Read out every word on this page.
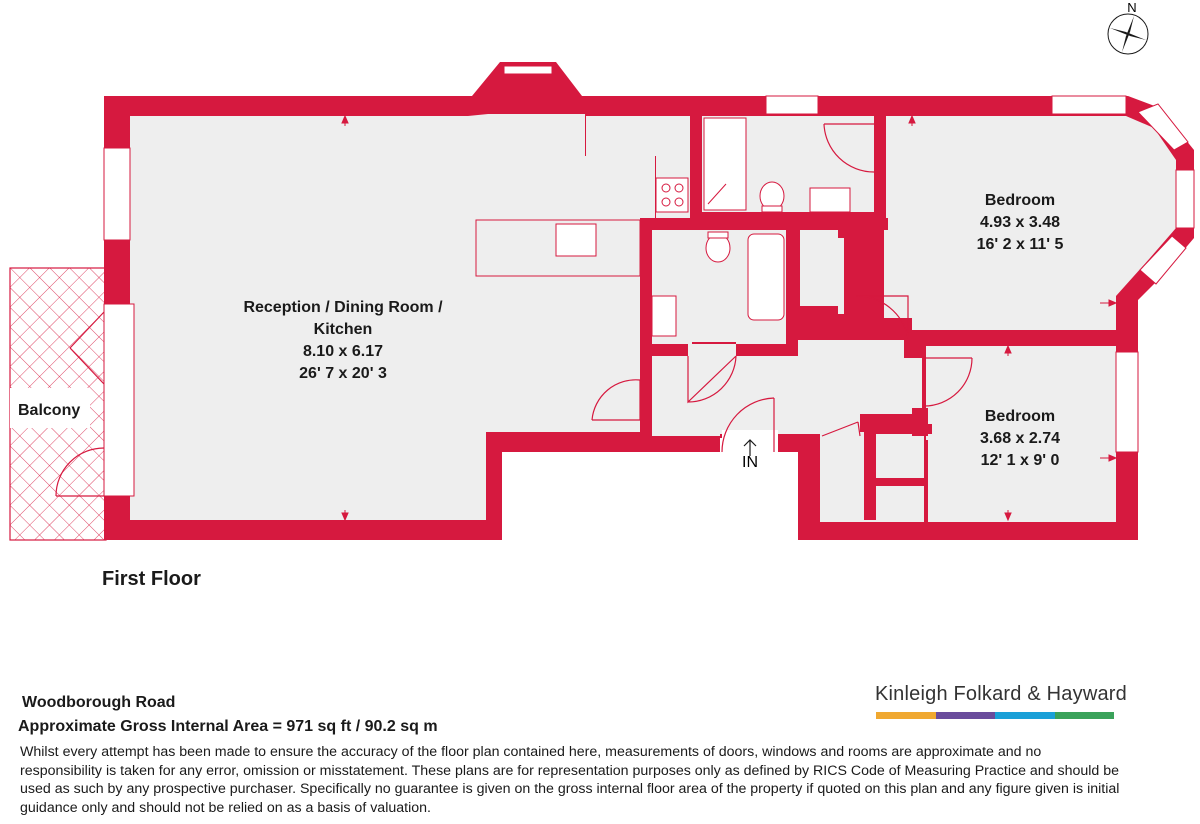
N
Reception / Dining Room /
Kitchen
8.10 x 6.17
26' 7 x 20' 3
Bedroom
4.93 x 3.48
16' 2 x 11' 5
Bedroom
3.68 x 2.74
12' 1 x 9' 0
Balcony
IN
First Floor
Woodborough Road
Approximate Gross Internal Area = 971 sq ft / 90.2 sq m
Whilst every attempt has been made to ensure the accuracy of the floor plan contained here, measurements of doors, windows and rooms are approximate and no responsibility is taken for any error, omission or misstatement. These plans are for representation purposes only as defined by RICS Code of Measuring Practice and should be used as such by any prospective purchaser. Specifically no guarantee is given on the gross internal floor area of the property if quoted on this plan and any figure given is initial guidance only and should not be relied on as a basis of valuation.
Kinleigh Folkard & Hayward
